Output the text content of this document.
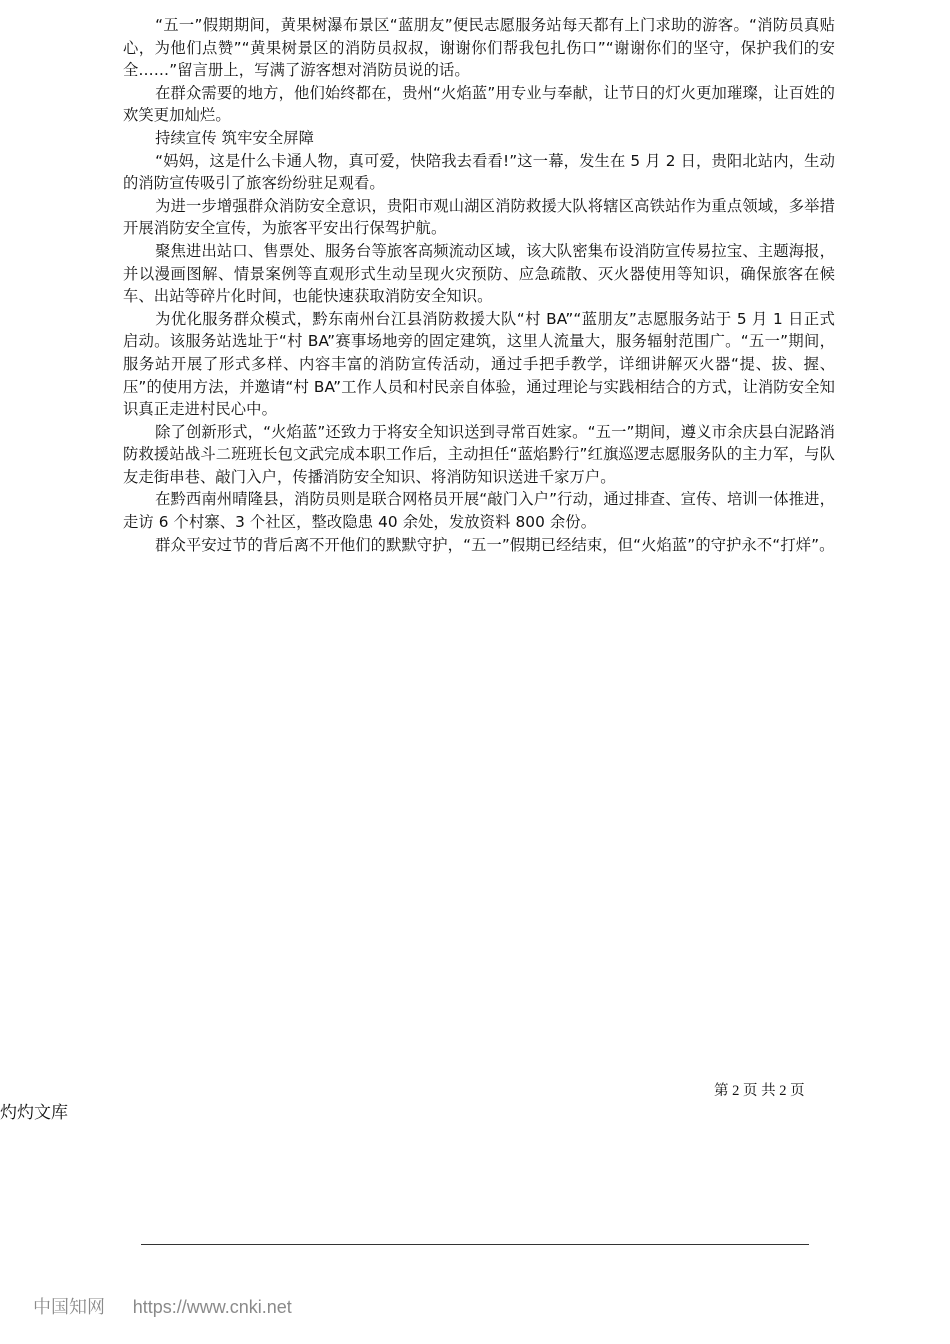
“五一”假期期间，黄果树瀑布景区“蓝朋友”便民志愿服务站每天都有上门求助的游客。“消防员真贴心，为他们点赞”“黄果树景区的消防员叔叔，谢谢你们帮我包扎伤口”“谢谢你们的坚守，保护我们的安全……”留言册上，写满了游客想对消防员说的话。

在群众需要的地方，他们始终都在，贵州“火焰蓝”用专业与奉献，让节日的灯火更加璀璨，让百姓的欢笑更加灿烂。

持续宣传 筑牢安全屏障

“妈妈，这是什么卡通人物，真可爱，快陪我去看看!”这一幕，发生在 5 月 2 日，贵阳北站内，生动的消防宣传吸引了旅客纷纷驻足观看。

为进一步增强群众消防安全意识，贵阳市观山湖区消防救援大队将辖区高铁站作为重点领域，多举措开展消防安全宣传，为旅客平安出行保驾护航。

聚焦进出站口、售票处、服务台等旅客高频流动区域，该大队密集布设消防宣传易拉宝、主题海报，并以漫画图解、情景案例等直观形式生动呈现火灾预防、应急疏散、灭火器使用等知识，确保旅客在候车、出站等碎片化时间，也能快速获取消防安全知识。

为优化服务群众模式，黔东南州台江县消防救援大队“村 BA”“蓝朋友”志愿服务站于 5 月 1 日正式启动。该服务站选址于“村 BA”赛事场地旁的固定建筑，这里人流量大，服务辐射范围广。“五一”期间，服务站开展了形式多样、内容丰富的消防宣传活动，通过手把手教学，详细讲解灭火器“提、拔、握、压”的使用方法，并邀请“村 BA”工作人员和村民亲自体验，通过理论与实践相结合的方式，让消防安全知识真正走进村民心中。

除了创新形式，“火焰蓝”还致力于将安全知识送到寻常百姓家。“五一”期间，遵义市余庆县白泥路消防救援站战斗二班班长包文武完成本职工作后，主动担任“蓝焰黔行”红旗巡逻志愿服务队的主力军，与队友走街串巷、敲门入户，传播消防安全知识、将消防知识送进千家万户。

在黔西南州晴隆县，消防员则是联合网格员开展“敲门入户”行动，通过排查、宣传、培训一体推进，走访 6 个村寨、3 个社区，整改隐患 40 余处，发放资料 800 余份。

群众平安过节的背后离不开他们的默默守护，“五一”假期已经结束，但“火焰蓝”的守护永不“打烊”。

第 2 页 共 2 页
灼灼文库
中国知网 https://www.cnki.net
